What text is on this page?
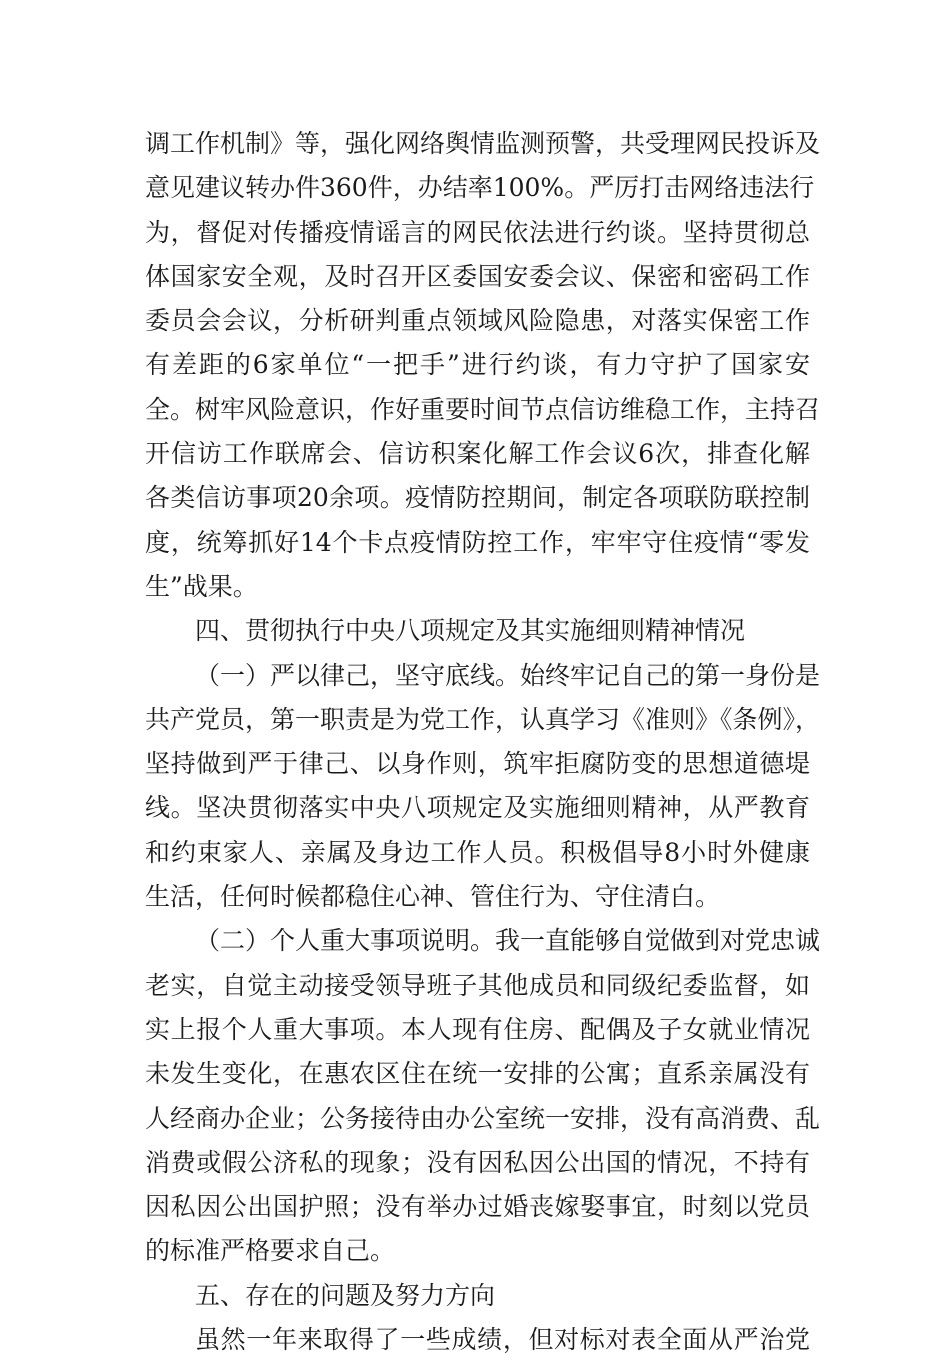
调工作机制》等，强化网络舆情监测预警，共受理网民投诉及
意见建议转办件360件，办结率100%。严厉打击网络违法行
为，督促对传播疫情谣言的网民依法进行约谈。坚持贯彻总
体国家安全观，及时召开区委国安委会议、保密和密码工作
委员会会议，分析研判重点领域风险隐患，对落实保密工作
有差距的6家单位“一把手”进行约谈，有力守护了国家安
全。树牢风险意识，作好重要时间节点信访维稳工作，主持召
开信访工作联席会、信访积案化解工作会议6次，排查化解
各类信访事项20余项。疫情防控期间，制定各项联防联控制
度，统筹抓好14个卡点疫情防控工作，牢牢守住疫情“零发
生”战果。
四、贯彻执行中央八项规定及其实施细则精神情况
（一）严以律己，坚守底线。始终牢记自己的第一身份是
共产党员，第一职责是为党工作，认真学习《准则》《条例》，
坚持做到严于律己、以身作则，筑牢拒腐防变的思想道德堤
线。坚决贯彻落实中央八项规定及实施细则精神，从严教育
和约束家人、亲属及身边工作人员。积极倡导8小时外健康
生活，任何时候都稳住心神、管住行为、守住清白。
（二）个人重大事项说明。我一直能够自觉做到对党忠诚
老实，自觉主动接受领导班子其他成员和同级纪委监督，如
实上报个人重大事项。本人现有住房、配偶及子女就业情况
未发生变化，在惠农区住在统一安排的公寓；直系亲属没有
人经商办企业；公务接待由办公室统一安排，没有高消费、乱
消费或假公济私的现象；没有因私因公出国的情况，不持有
因私因公出国护照；没有举办过婚丧嫁娶事宜，时刻以党员
的标准严格要求自己。
五、存在的问题及努力方向
虽然一年来取得了一些成绩，但对标对表全面从严治党
